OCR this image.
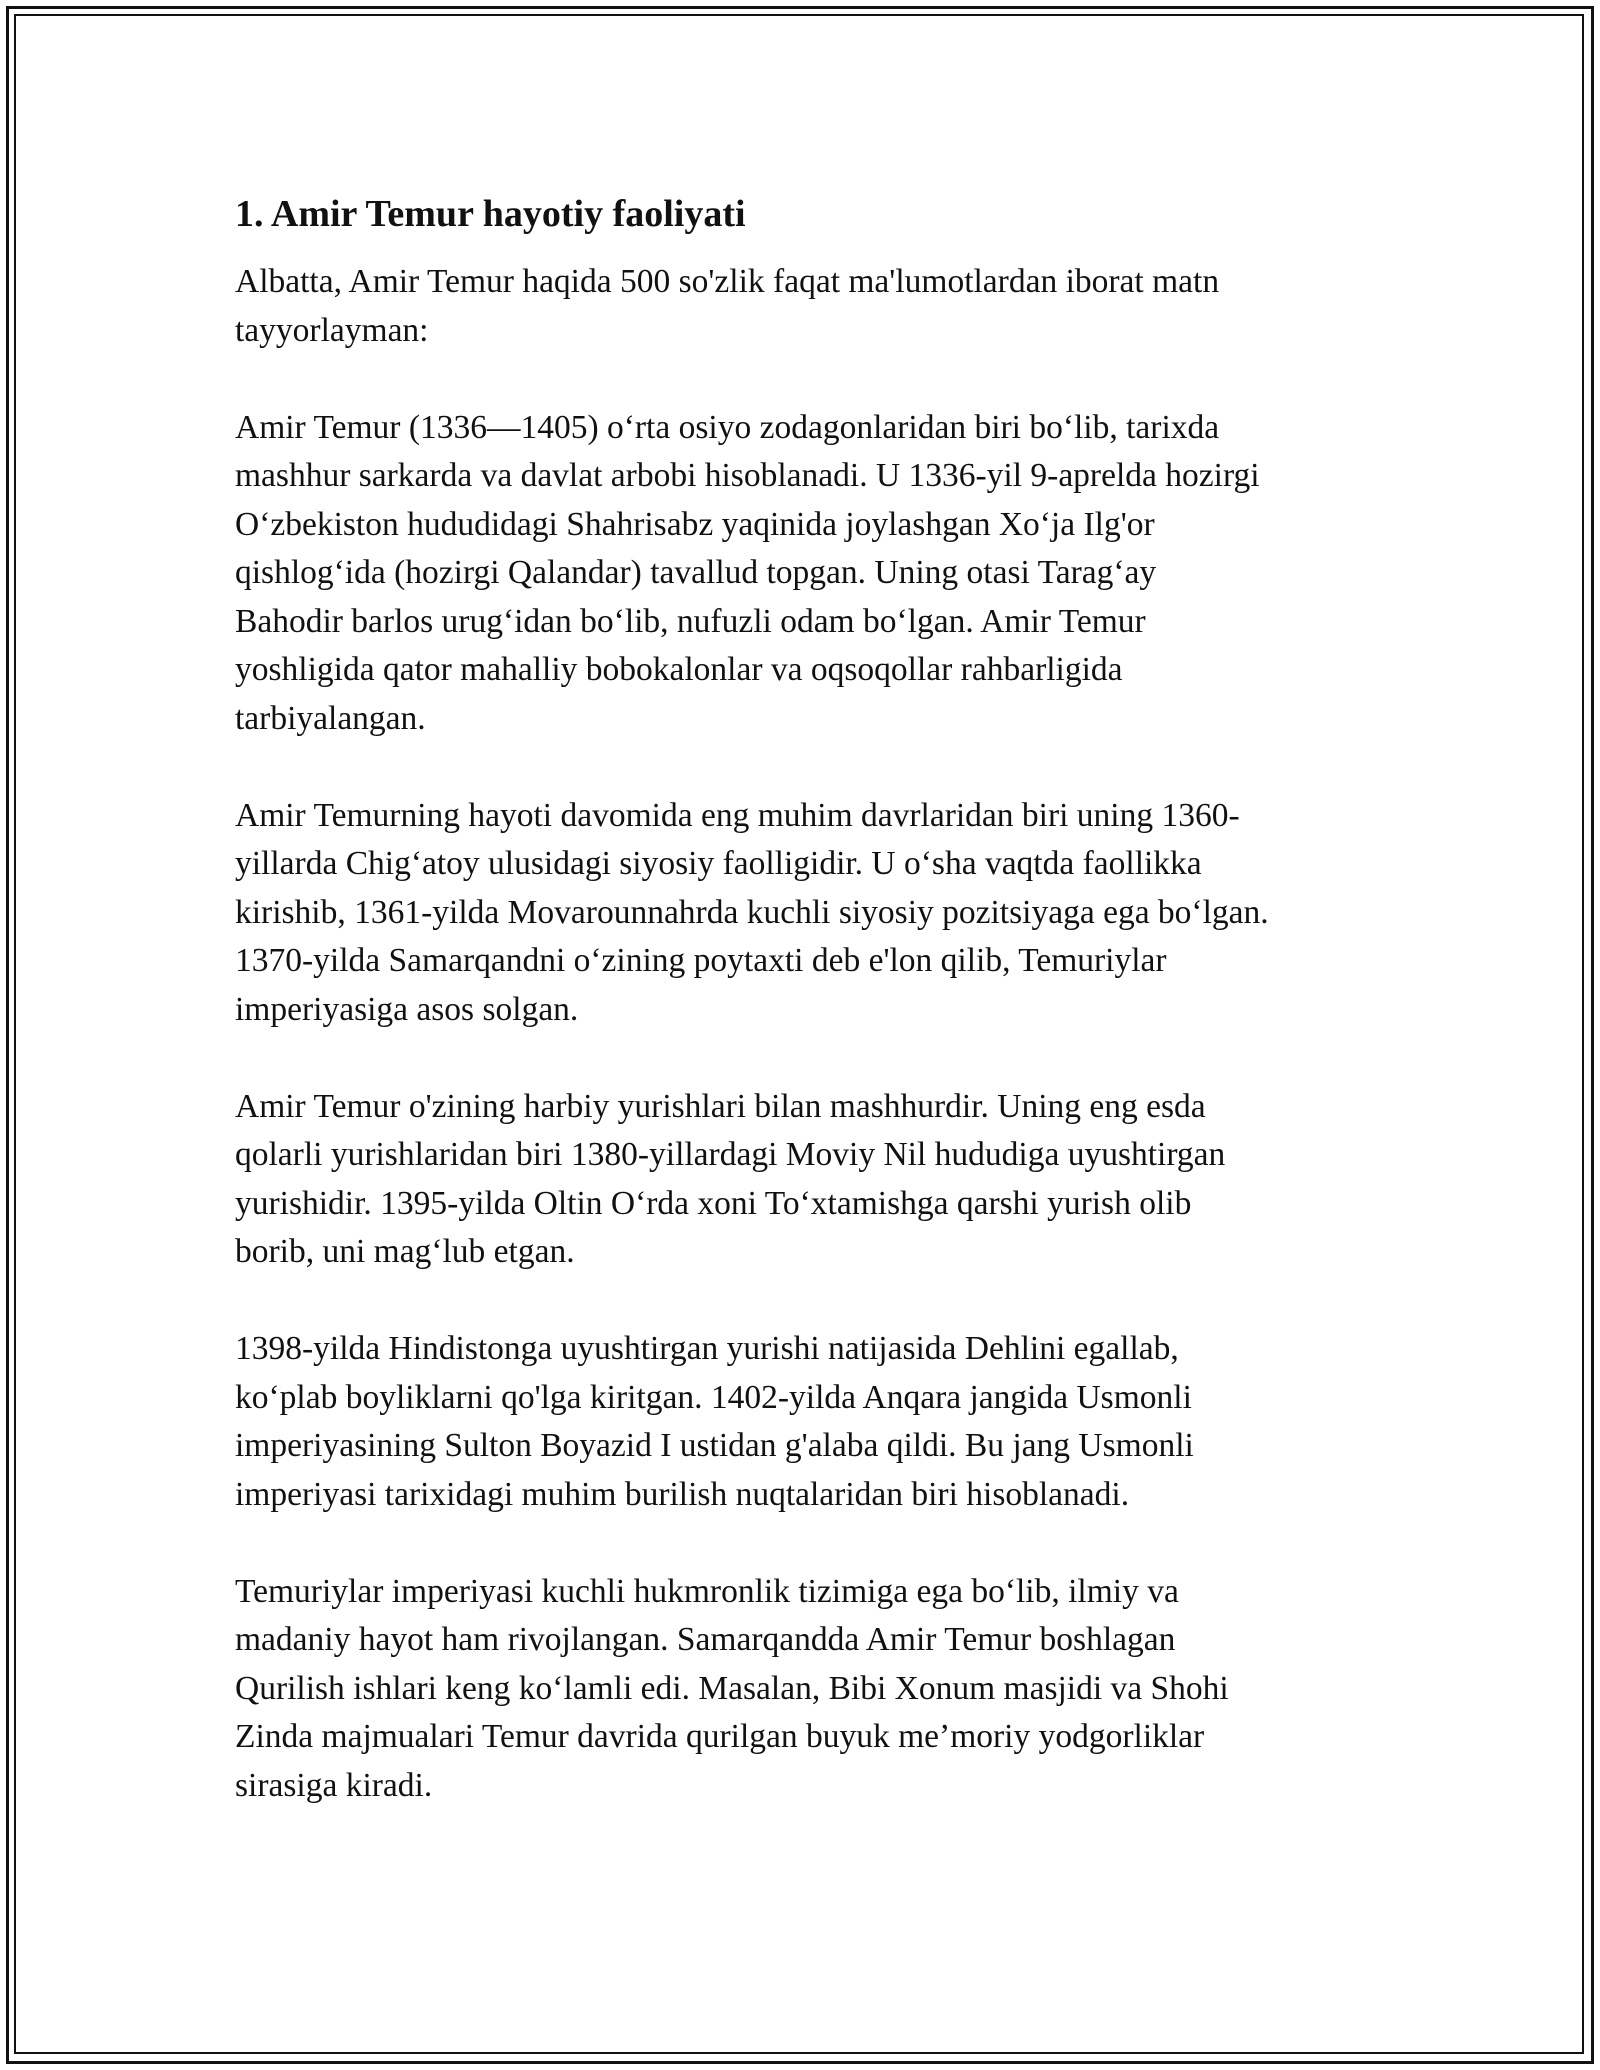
1. Amir Temur hayotiy faoliyati

Albatta, Amir Temur haqida 500 so'zlik faqat ma'lumotlardan iborat matn
tayyorlayman:

Amir Temur (1336—1405) oʻrta osiyo zodagonlaridan biri boʻlib, tarixda
mashhur sarkarda va davlat arbobi hisoblanadi. U 1336-yil 9-aprelda hozirgi
Oʻzbekiston hududidagi Shahrisabz yaqinida joylashgan Xoʻja Ilg'or
qishlogʻida (hozirgi Qalandar) tavallud topgan. Uning otasi Taragʻay
Bahodir barlos urugʻidan boʻlib, nufuzli odam boʻlgan. Amir Temur
yoshligida qator mahalliy bobokalonlar va oqsoqollar rahbarligida
tarbiyalangan.

Amir Temurning hayoti davomida eng muhim davrlaridan biri uning 1360-
yillarda Chigʻatoy ulusidagi siyosiy faolligidir. U oʻsha vaqtda faollikka
kirishib, 1361-yilda Movarounnahrda kuchli siyosiy pozitsiyaga ega boʻlgan.
1370-yilda Samarqandni oʻzining poytaxti deb e'lon qilib, Temuriylar
imperiyasiga asos solgan.

Amir Temur o'zining harbiy yurishlari bilan mashhurdir. Uning eng esda
qolarli yurishlaridan biri 1380-yillardagi Moviy Nil hududiga uyushtirgan
yurishidir. 1395-yilda Oltin Oʻrda xoni Toʻxtamishga qarshi yurish olib
borib, uni magʻlub etgan.

1398-yilda Hindistonga uyushtirgan yurishi natijasida Dehlini egallab,
koʻplab boyliklarni qo'lga kiritgan. 1402-yilda Anqara jangida Usmonli
imperiyasining Sulton Boyazid I ustidan g'alaba qildi. Bu jang Usmonli
imperiyasi tarixidagi muhim burilish nuqtalaridan biri hisoblanadi.

Temuriylar imperiyasi kuchli hukmronlik tizimiga ega boʻlib, ilmiy va
madaniy hayot ham rivojlangan. Samarqandda Amir Temur boshlagan
Qurilish ishlari keng koʻlamli edi. Masalan, Bibi Xonum masjidi va Shohi
Zinda majmualari Temur davrida qurilgan buyuk me’moriy yodgorliklar
sirasiga kiradi.
